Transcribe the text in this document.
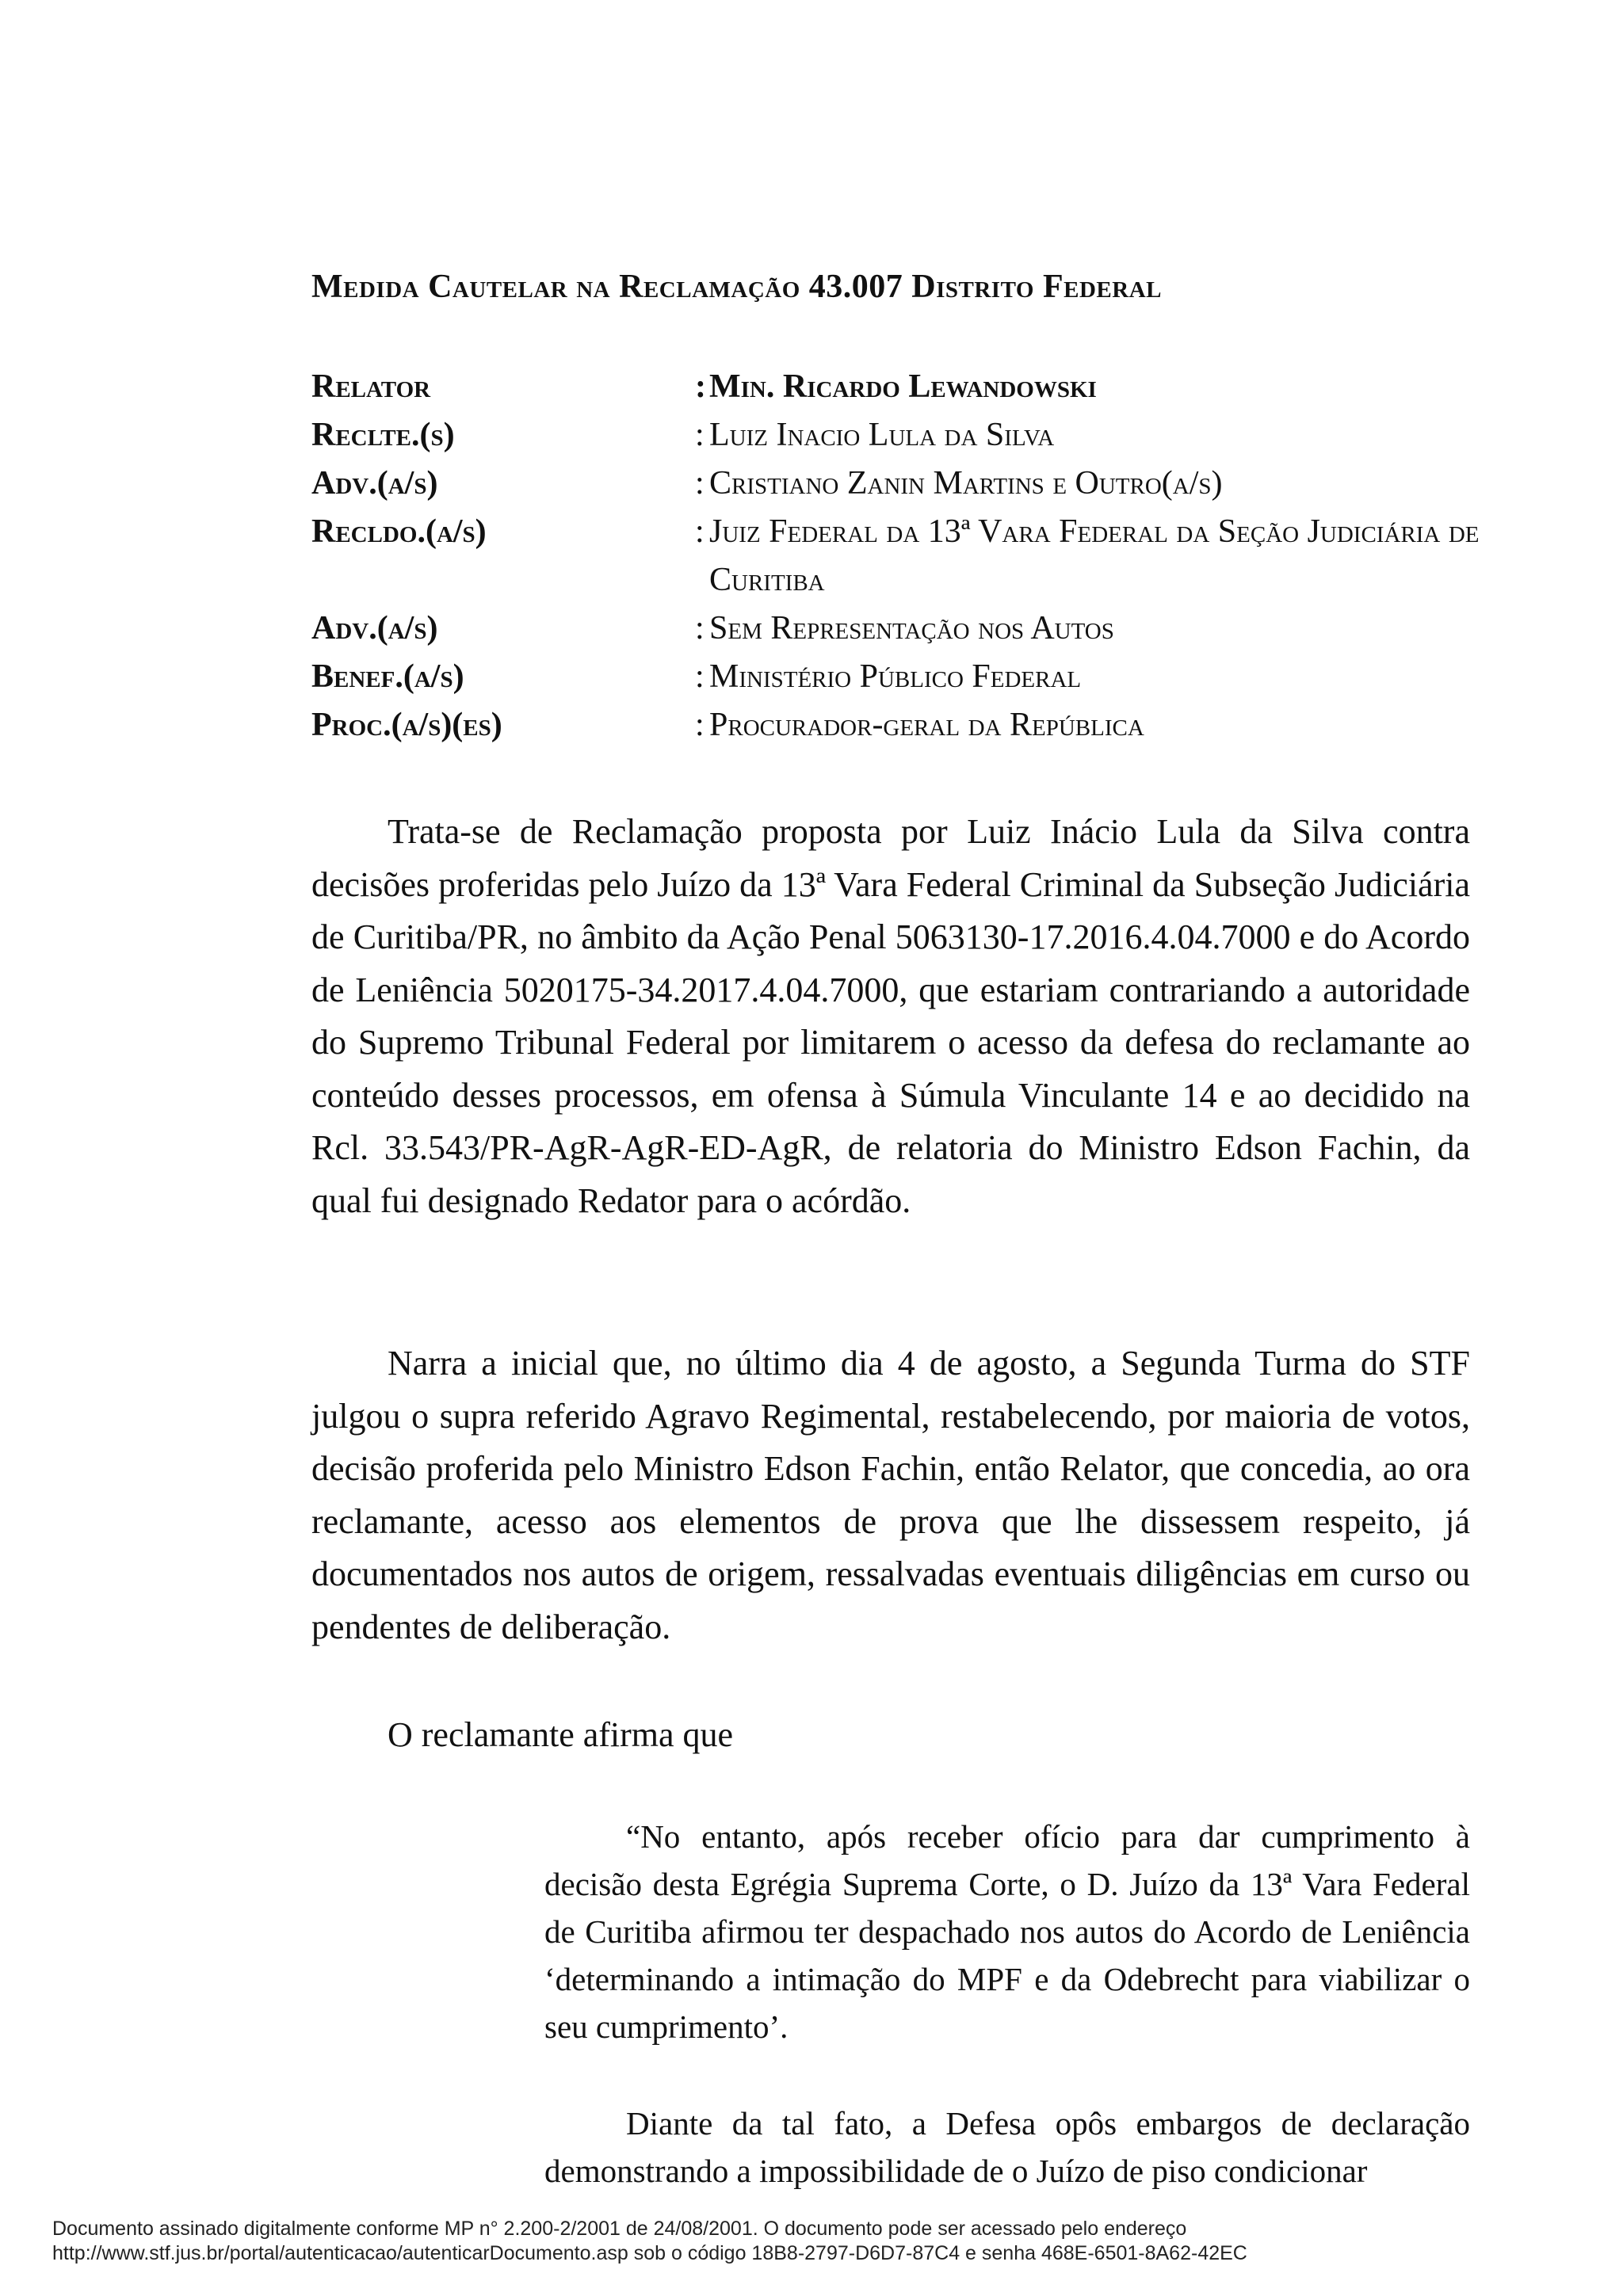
Medida Cautelar na Reclamação 43.007 Distrito Federal
Relator	: Min. Ricardo Lewandowski
Reclte.(s)	: Luiz Inacio Lula da Silva
Adv.(a/s)	: Cristiano Zanin Martins e Outro(a/s)
Recldo.(a/s)	: Juiz Federal da 13ª Vara Federal da Seção Judiciária de Curitiba
Adv.(a/s)	: Sem Representação nos Autos
Benef.(a/s)	: Ministério Público Federal
Proc.(a/s)(es)	: Procurador-geral da República

Trata-se de Reclamação proposta por Luiz Inácio Lula da Silva contra decisões proferidas pelo Juízo da 13ª Vara Federal Criminal da Subseção Judiciária de Curitiba/PR, no âmbito da Ação Penal 5063130-17.2016.4.04.7000 e do Acordo de Leniência 5020175-34.2017.4.04.7000, que estariam contrariando a autoridade do Supremo Tribunal Federal por limitarem o acesso da defesa do reclamante ao conteúdo desses processos, em ofensa à Súmula Vinculante 14 e ao decidido na Rcl. 33.543/PR-AgR-AgR-ED-AgR, de relatoria do Ministro Edson Fachin, da qual fui designado Redator para o acórdão.

Narra a inicial que, no último dia 4 de agosto, a Segunda Turma do STF julgou o supra referido Agravo Regimental, restabelecendo, por maioria de votos, decisão proferida pelo Ministro Edson Fachin, então Relator, que concedia, ao ora reclamante, acesso aos elementos de prova que lhe dissessem respeito, já documentados nos autos de origem, ressalvadas eventuais diligências em curso ou pendentes de deliberação.

O reclamante afirma que

“No entanto, após receber ofício para dar cumprimento à decisão desta Egrégia Suprema Corte, o D. Juízo da 13ª Vara Federal de Curitiba afirmou ter despachado nos autos do Acordo de Leniência ‘determinando a intimação do MPF e da Odebrecht para viabilizar o seu cumprimento’.

Diante da tal fato, a Defesa opôs embargos de declaração demonstrando a impossibilidade de o Juízo de piso condicionar

Documento assinado digitalmente conforme MP n° 2.200-2/2001 de 24/08/2001. O documento pode ser acessado pelo endereço
http://www.stf.jus.br/portal/autenticacao/autenticarDocumento.asp sob o código 18B8-2797-D6D7-87C4 e senha 468E-6501-8A62-42EC
